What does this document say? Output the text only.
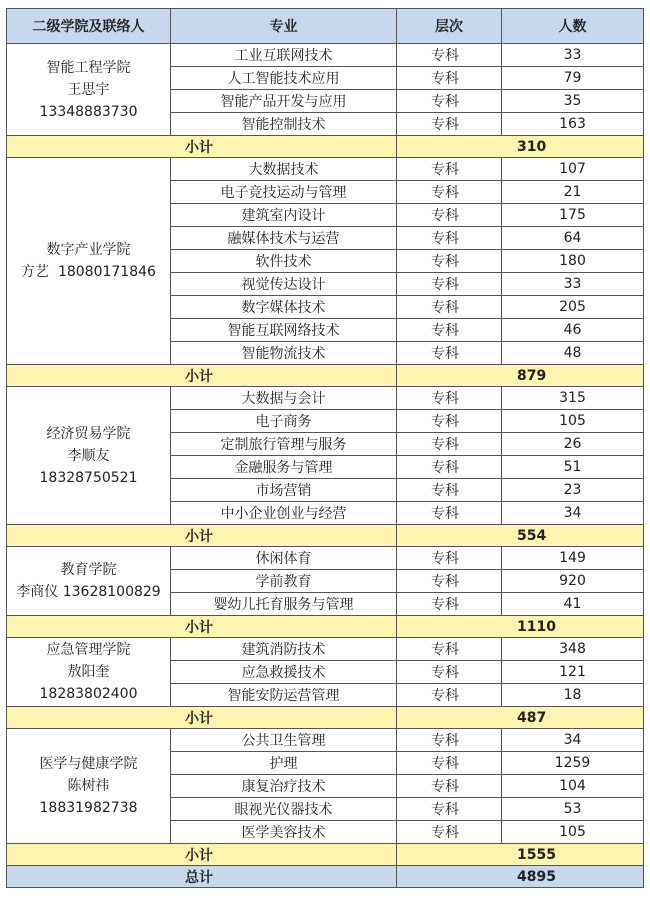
二级学院及联络人	专业	层次	人数

智能工程学院
王思宇
13348883730	工业互联网技术	专科	33
	人工智能技术应用	专科	79
	智能产品开发与应用	专科	35
	智能控制技术	专科	163
小计		310	

数字产业学院
方艺 18080171846	大数据技术	专科	107
	电子竞技运动与管理	专科	21
	建筑室内设计	专科	175
	融媒体技术与运营	专科	64
	软件技术	专科	180
	视觉传达设计	专科	33
	数字媒体技术	专科	205
	智能互联网络技术	专科	46
	智能物流技术	专科	48
小计		879	

经济贸易学院
李顺友
18328750521	大数据与会计	专科	315
	电子商务	专科	105
	定制旅行管理与服务	专科	26
	金融服务与管理	专科	51
	市场营销	专科	23
	中小企业创业与经营	专科	34
小计		554	

教育学院
李商仪 13628100829	休闲体育	专科	149
	学前教育	专科	920
	婴幼儿托育服务与管理	专科	41
小计		1110	

应急管理学院
敖阳奎
18283802400	建筑消防技术	专科	348
	应急救援技术	专科	121
	智能安防运营管理	专科	18
小计		487	

医学与健康学院
陈树祎
18831982738	公共卫生管理	专科	34
	护理	专科	1259
	康复治疗技术	专科	104
	眼视光仪器技术	专科	53
	医学美容技术	专科	105
小计		1555	
总计		4895	
